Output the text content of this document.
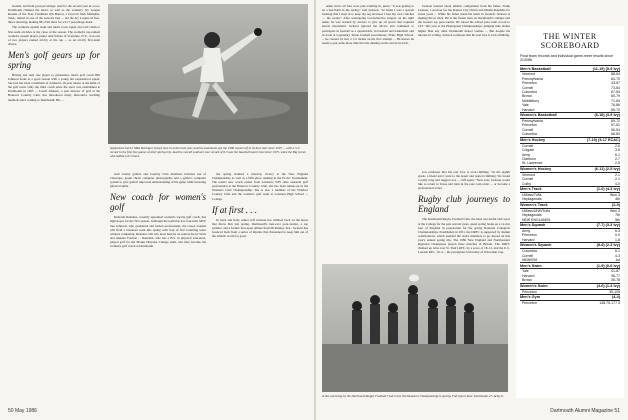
bounds, and field goal percentage. And for the second year in a row, Dartmouth claimed the men's as well as the women's Ivy League Rookie of the Year. Freshman Jim Barton, a forward from Memphis, Tenn., turned in one of the season's best ... led the Ivy League in free-throw shooting, making 88 of 96 shots for a 91.7 percentage mark.

The women's squash team and men's track squad also laid claim to first-team all-Ivies at the close of the season. The women's top-ranked women's squash player, junior Ann Schatz of Scarsdale, N.Y., won one of two players named all-Ivy at the top ... as an all-Ivy first-team choice.

Men's golf gears up for spring

Having lost only one player to graduation, men's golf coach Bill Johnson looks to a good season with a young but experienced squad. Success has been a hallmark of Johnson's 19-year tenure at the helm of the golf team. Only the third coach since the sport was established at Dartmouth in 1905 ... Coach Johnson, a past director of golf at the Hanover Country Club, has introduced many innovative teaching methods since coming to Dartmouth. His ...

Sophomore hurler Mike Reninger, shown here in action last year, and his teammates got the 1986 season off to its best start since 1907 — with a 5-0 record in the first five games of their spring trip. And the overall southern tour record of 6-3 was the baseball team's best since 1975, when the Big Green also tallied a 6-3 mark.

both varsity golfers and Country Club members includes use of videotape, graph check computer photography, and a golfer's computer system to give golfers improved understanding of the game while bettering physical skills.

New coach for women's golf

Deborah Reinders, recently appointed women's varsity golf coach, has high hopes for her first season. Although the team has lost four-time MVP Sue Johnson, who graduated and turned professional, the Green women will field a balanced team this spring with four of five returning letter winners competing. Reinders will rely most heavily on seniors Kerry Nalis and Annette Foulton ... Reinders, who has a B.S. in physical education, played golf for the Mount Holyoke College team, and later became the women's golf coach at Dartmouth.

last spring claimed a runaway victory at the New England Championship as well as a fifth-place ranking in the ECAC Tournament. The team's new coach comes from Lebanon, N.H. Also assistant golf professional at the Hanover Country Club, she has been runner-up in the Women's Club Championship. She is also a member of the Windsor Country Club and the women's golf team at Lebanon High School ... College.

If at first . . .

In track and field, senior Jeff Jackson has climbed back on the horse that threw him last spring. Dartmouth's best-ever pole-vaulter, a top sprinter, and a former four-sport athlete from McKinney, Tex., Jackson has bounced back from a series of injuries that threatened to keep him out of the athletic world for good.

50 May 1986

ankle twice: all four were pole-vaulting in- juries. "It was getting to be a bad habit in the spring," said Jackson. "At home I was a special bearhug that I slept in to keep my leg elevated. I had my own crutches — the works." After undergoing reconstructive surgery on his right ankle, he was warned by doctors to give up all sports that required lateral movement. Jackson ignored the advice and continued to participate in football as a quarterback, in baseball and basketball, and in track at Legendary Texan football powerhouse, Plano High School. ... he cleared 16 feet 2 1/2 inches on his first attempt ... He knows he needs to put some more time into his running on the curves in track.

Jackson learned about athletic competition from his father. Frank Jackson, a receiver for the Kansas City Chiefs and Miami Dolphins for seven years ... While his father made his mark in football, Jackson is making his in track. He is the fastest man on Dartmouth's campus and the Green's top pole-vaulter. He raised the school pole-vault record to 16'1" this year at the Heptagonal Championships, jumping nine inches higher than any other Dartmouth indoor vaulter. ... But despite his interest in writing, Jackson confesses that his real love is rock-climbing.

A line out being by the Dartmouth Rugby Football Club in the Northeastern Championship in spring. Full report later. Dartmouth 27–Army 6.

son confesses that his real love is rock-climbing. "In the eighth grade, a friend and I went to the desert and started climbing. We found a really long and rugged cave ... cliff again." Next year, Jackson would like to return to Texas and train in the past cold-water ... or become a professional writer.

Rugby club journeys to England

The Dartmouth Rugby Football Club, the most successful club sport at the College for the past several years, spent spring break on a 12-day tour of England in preparation for the spring National Collegiate Championships. Established in 1951, the DRFC is supported by alumni contributions, which enabled the club's members to go abroad on this year's annual spring trip. The 1986 New England and Northeastern Regional Champions played three matches in Britain. The DRFC chalked up wins over St. Paul's RFC, by a score of 18–12, and the U.C. London RFC, 16–4 ... the prestigious University of Wisconsin Cup.

Dartmouth Alumni Magazine 51
THE WINTER
SCOREBOARD
Final team records and individual game-meet results since 2/10/86
Men's Basketball	(11-15) (5-9 Ivy)
Vermont	88-64
Pennsylvania	64-70
Princeton	43-57
Cornell	73-54
Columbia	67-54
Brown	80-79
Middlebury	71-84
Yale	76-86
Harvard	59-72
Women's Basketball	(6-18) (3-9 Ivy)
Pennsylvania	69-72
Princeton	57-61
Cornell	56-54
Columbia	68-69
Men's Hockey	(7-19) (5-17 ECAC)
Cornell	2-6
Colgate	3-5
Army	6-1
Clarkson	2-7
St. Lawrence	2-5
Women's Hockey	(6-11) (2-5 Ivy)
Vermont	2-1
Cornell	2-1
Colby	4-0
Men's Track	(1-0) (4-3 Ivy)
UMass/Tufts	Won 3
Heptagonals	4th
Women's Track	(2-0)
UMass/UNH/Tufts	Won 3
Heptagonals	7th
NEW ENGLANDS	5th
Men's Squash	(7-7) (3-3 Ivy)
Army	6-3
Princeton	0-9
Harvard	1-8
Women's Squash	(8-8) (2-3 Ivy)
Columbia	6-1
Cornell	4-3
NEWSRA	1st
Men's Swim	(1-9) (0-6 Ivy)
Yale	41-67
Harvard	36-77
Brown	35-78
Women's Swim	(4-6) (1-4 Ivy)
Princeton	35-105
Men's Gym	(4-4)
Princeton	148.75-177.3
